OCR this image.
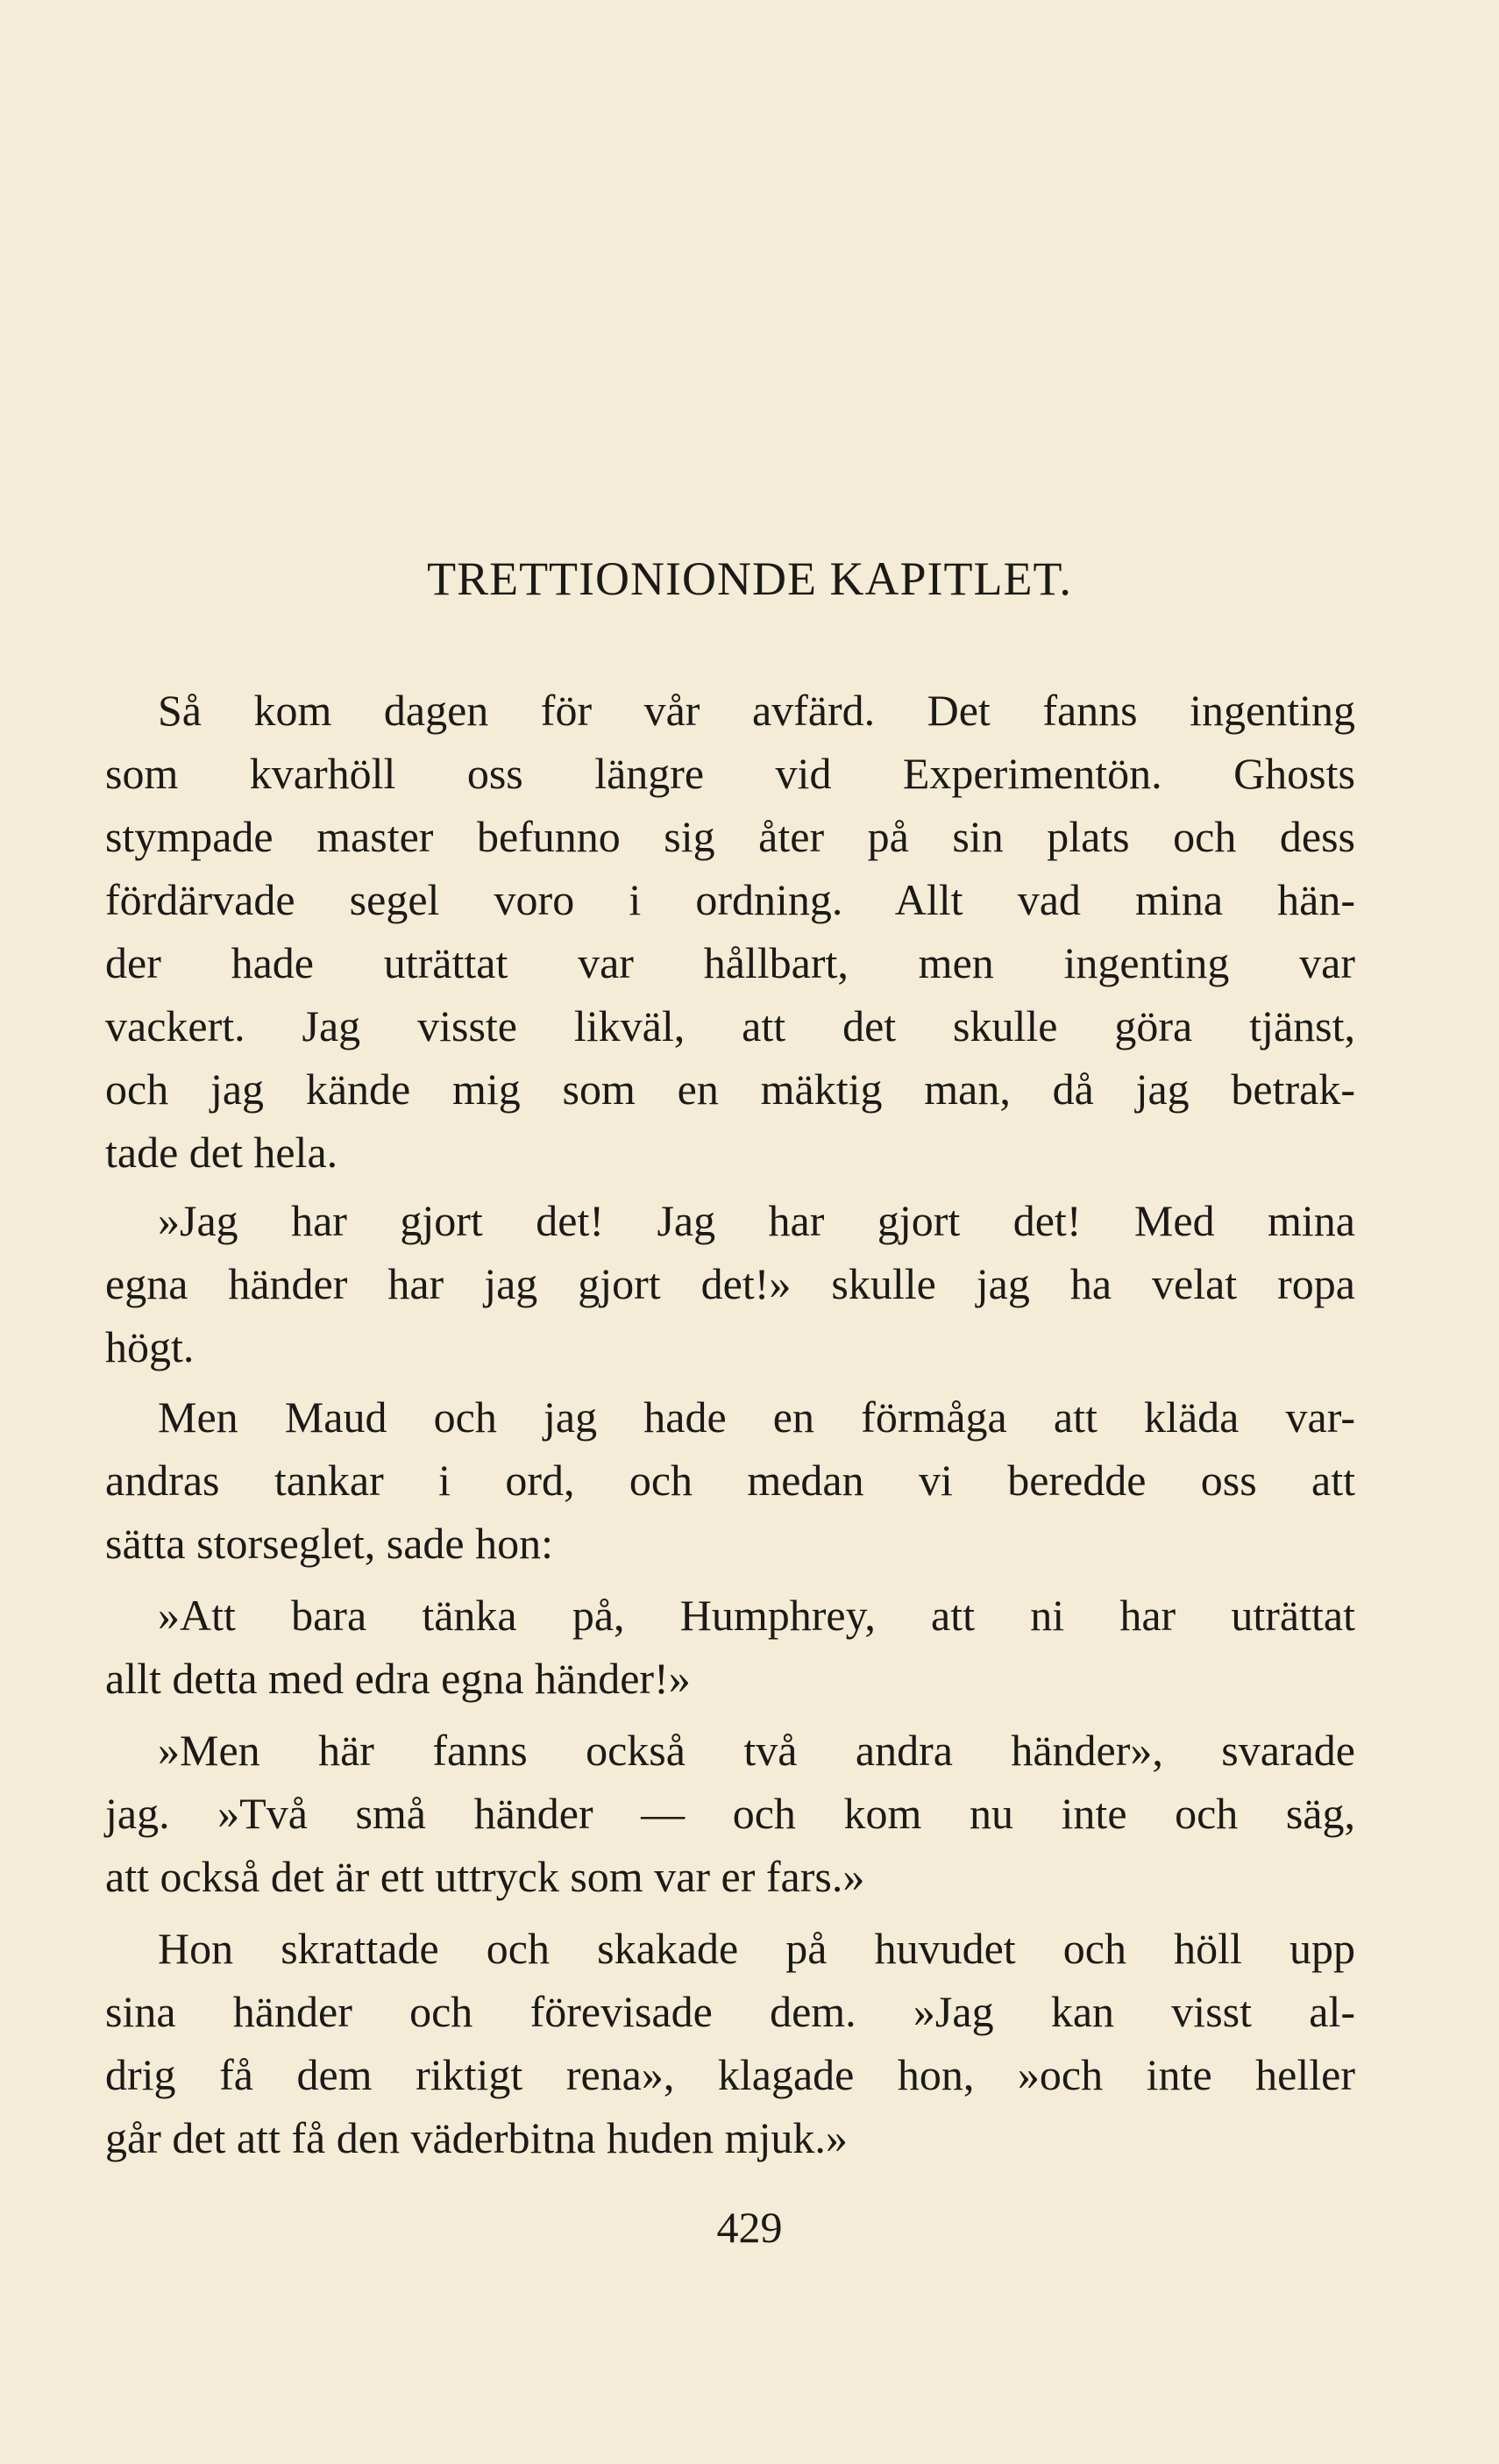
TRETTIONIONDE KAPITLET.
Så kom dagen för vår avfärd. Det fanns ingenting
som kvarhöll oss längre vid Experimentön. Ghosts
stympade master befunno sig åter på sin plats och dess
fördärvade segel voro i ordning. Allt vad mina hän-
der hade uträttat var hållbart, men ingenting var
vackert. Jag visste likväl, att det skulle göra tjänst,
och jag kände mig som en mäktig man, då jag betrak-
tade det hela.
»Jag har gjort det! Jag har gjort det! Med mina
egna händer har jag gjort det!» skulle jag ha velat ropa
högt.
Men Maud och jag hade en förmåga att kläda var-
andras tankar i ord, och medan vi beredde oss att
sätta storseglet, sade hon:
»Att bara tänka på, Humphrey, att ni har uträttat
allt detta med edra egna händer!»
»Men här fanns också två andra händer», svarade
jag. »Två små händer — och kom nu inte och säg,
att också det är ett uttryck som var er fars.»
Hon skrattade och skakade på huvudet och höll upp
sina händer och förevisade dem. »Jag kan visst al-
drig få dem riktigt rena», klagade hon, »och inte heller
går det att få den väderbitna huden mjuk.»
429
